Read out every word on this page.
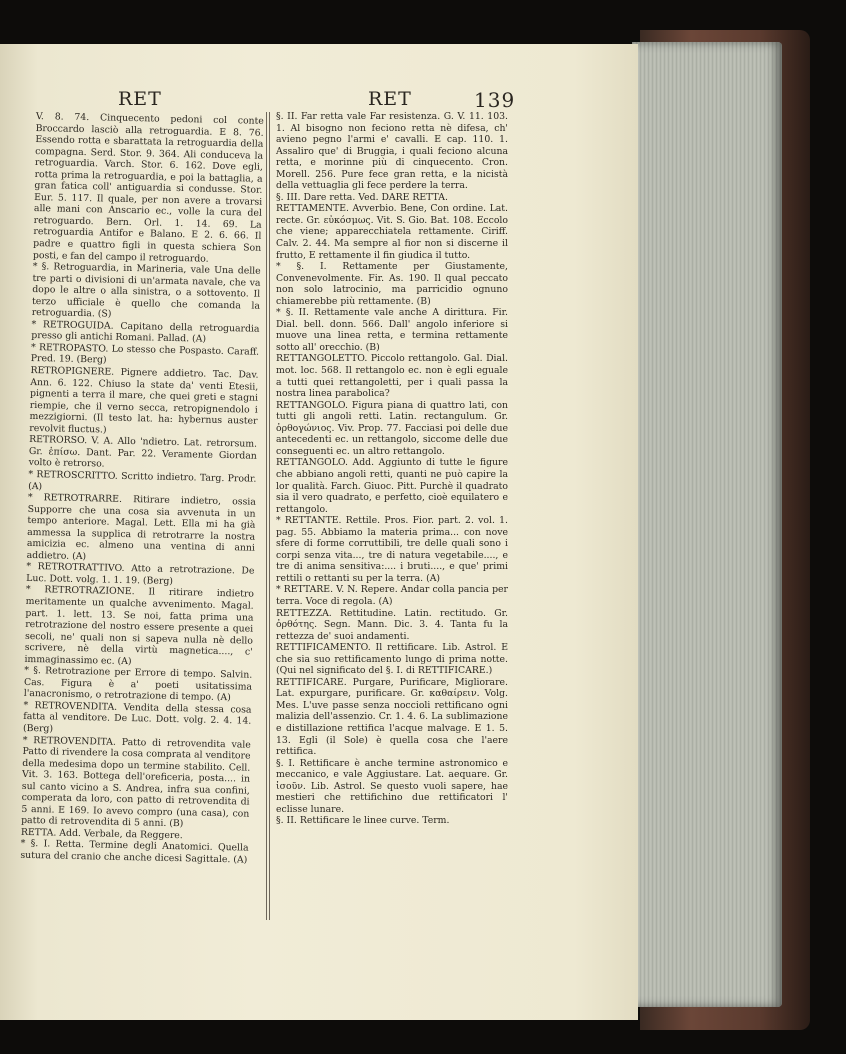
RET	RET	139

V. 8. 74. Cinquecento pedoni col conte Broccardo lasciò alla retroguardia. E 8. 76. Essendo rotta e sbarattata la retroguardia della compagna. Serd. Stor. 9. 364. Ali conduceva la retroguardia. Varch. Stor. 6. 162. Dove egli, rotta prima la retroguardia, e poi la battaglia, a gran fatica coll' antiguardia si condusse. Stor. Eur. 5. 117. Il quale, per non avere a trovarsi alle mani con Anscario ec., volle la cura del retroguardo. Bern. Orl. 1. 14. 69. La retroguardia Antifor e Balano. E 2. 6. 66. Il padre e quattro figli in questa schiera Son posti, e fan del campo il retroguardo.

* §. Retroguardia, in Marineria, vale Una delle tre parti o divisioni di un'armata navale, che va dopo le altre o alla sinistra, o a sottovento. Il terzo ufficiale è quello che comanda la retroguardia. (S)

* RETROGUIDA. Capitano della retroguardia presso gli antichi Romani. Pallad. (A)

* RETROPASTO. Lo stesso che Pospasto. Caraff. Pred. 19. (Berg)

RETROPIGNERE. Pignere addietro. Tac. Dav. Ann. 6. 122. Chiuso la state da' venti Etesii, pignenti a terra il mare, che quei greti e stagni riempie, che il verno secca, retropignendolo i mezzigiorni. (Il testo lat. ha: hybernus auster revolvit fluctus.)

RETRORSO. V. A. Allo 'ndietro. Lat. retrorsum. Gr. ἐπίσω. Dant. Par. 22. Veramente Giordan volto è retrorso.

* RETROSCRITTO. Scritto indietro. Targ. Prodr. (A)

* RETROTRARRE. Ritirare indietro, ossia Supporre che una cosa sia avvenuta in un tempo anteriore. Magal. Lett. Ella mi ha già ammessa la supplica di retrotrarre la nostra amicizia ec. almeno una ventina di anni addietro. (A)

* RETROTRATTIVO. Atto a retrotrazione. De Luc. Dott. volg. 1. 1. 19. (Berg)

* RETROTRAZIONE. Il ritirare indietro meritamente un qualche avvenimento. Magal. part. 1. lett. 13. Se noi, fatta prima una retrotrazione del nostro essere presente a quei secoli, ne' quali non si sapeva nulla nè dello scrivere, nè della virtù magnetica...., c' immaginassimo ec. (A)

* §. Retrotrazione per Errore di tempo. Salvin. Cas. Figura è a' poeti usitatissima l'anacronismo, o retrotrazione di tempo. (A)

* RETROVENDITA. Vendita della stessa cosa fatta al venditore. De Luc. Dott. volg. 2. 4. 14. (Berg)

* RETROVENDITA. Patto di retrovendita vale Patto di rivendere la cosa comprata al venditore della medesima dopo un termine stabilito. Cell. Vit. 3. 163. Bottega dell'oreficeria, posta.... in sul canto vicino a S. Andrea, infra sua confini, comperata da loro, con patto di retrovendita di 5 anni. E 169. Io avevo compro (una casa), con patto di retrovendita di 5 anni. (B)

RETTA. Add. Verbale, da Reggere.

* §. I. Retta. Termine degli Anatomici. Quella sutura del cranio che anche dicesi Sagittale. (A)

§. II. Far retta vale Far resistenza. G. V. 11. 103. 1. Al bisogno non feciono retta nè difesa, ch' avieno pegno l'armi e' cavalli. E cap. 110. 1. Assaliro que' di Bruggia, i quali feciono alcuna retta, e morinne più di cinquecento. Cron. Morell. 256. Pure fece gran retta, e la nicistà della vettuaglia gli fece perdere la terra.

§. III. Dare retta. Ved. DARE RETTA.

RETTAMENTE. Avverbio. Bene, Con ordine. Lat. recte. Gr. εὐκόσμως. Vit. S. Gio. Bat. 108. Eccolo che viene; apparecchiatela rettamente. Ciriff. Calv. 2. 44. Ma sempre al fior non si discerne il frutto, E rettamente il fin giudica il tutto.

* §. I. Rettamente per Giustamente, Convenevolmente. Fir. As. 190. Il qual peccato non solo latrocinio, ma parricidio ognuno chiamerebbe più rettamente. (B)

* §. II. Rettamente vale anche A dirittura. Fir. Dial. bell. donn. 566. Dall' angolo inferiore si muove una linea retta, e termina rettamente sotto all' orecchio. (B)

RETTANGOLETTO. Piccolo rettangolo. Gal. Dial. mot. loc. 568. Il rettangolo ec. non è egli eguale a tutti quei rettangoletti, per i quali passa la nostra linea parabolica?

RETTANGOLO. Figura piana di quattro lati, con tutti gli angoli retti. Latin. rectangulum. Gr. ὀρθογώνιος. Viv. Prop. 77. Facciasi poi delle due antecedenti ec. un rettangolo, siccome delle due conseguenti ec. un altro rettangolo.

RETTANGOLO. Add. Aggiunto di tutte le figure che abbiano angoli retti, quanti ne può capire la lor qualità. Farch. Giuoc. Pitt. Purchè il quadrato sia il vero quadrato, e perfetto, cioè equilatero e rettangolo.

* RETTANTE. Rettile. Pros. Fior. part. 2. vol. 1. pag. 55. Abbiamo la materia prima... con nove sfere di forme corruttibili, tre delle quali sono i corpi senza vita..., tre di natura vegetabile...., e tre di anima sensitiva:.... i bruti...., e que' primi rettili o rettanti su per la terra. (A)

* RETTARE. V. N. Repere. Andar colla pancia per terra. Voce di regola. (A)

RETTEZZA. Rettitudine. Latin. rectitudo. Gr. ὀρθότης. Segn. Mann. Dic. 3. 4. Tanta fu la rettezza de' suoi andamenti.

RETTIFICAMENTO. Il rettificare. Lib. Astrol. E che sia suo rettificamento lungo di prima notte. (Qui nel significato del §. I. di RETTIFICARE.)

RETTIFICARE. Purgare, Purificare, Migliorare. Lat. expurgare, purificare. Gr. καθαίρειν. Volg. Mes. L'uve passe senza noccioli rettificano ogni malizia dell'assenzio. Cr. 1. 4. 6. La sublimazione e distillazione rettifica l'acque malvage. E 1. 5. 13. Egli (il Sole) è quella cosa che l'aere rettifica.

§. I. Rettificare è anche termine astronomico e meccanico, e vale Aggiustare. Lat. aequare. Gr. ἰσοῦν. Lib. Astrol. Se questo vuoli sapere, hae mestieri che rettifichino due rettificatori l' eclisse lunare.

§. II. Rettificare le linee curve. Term.
